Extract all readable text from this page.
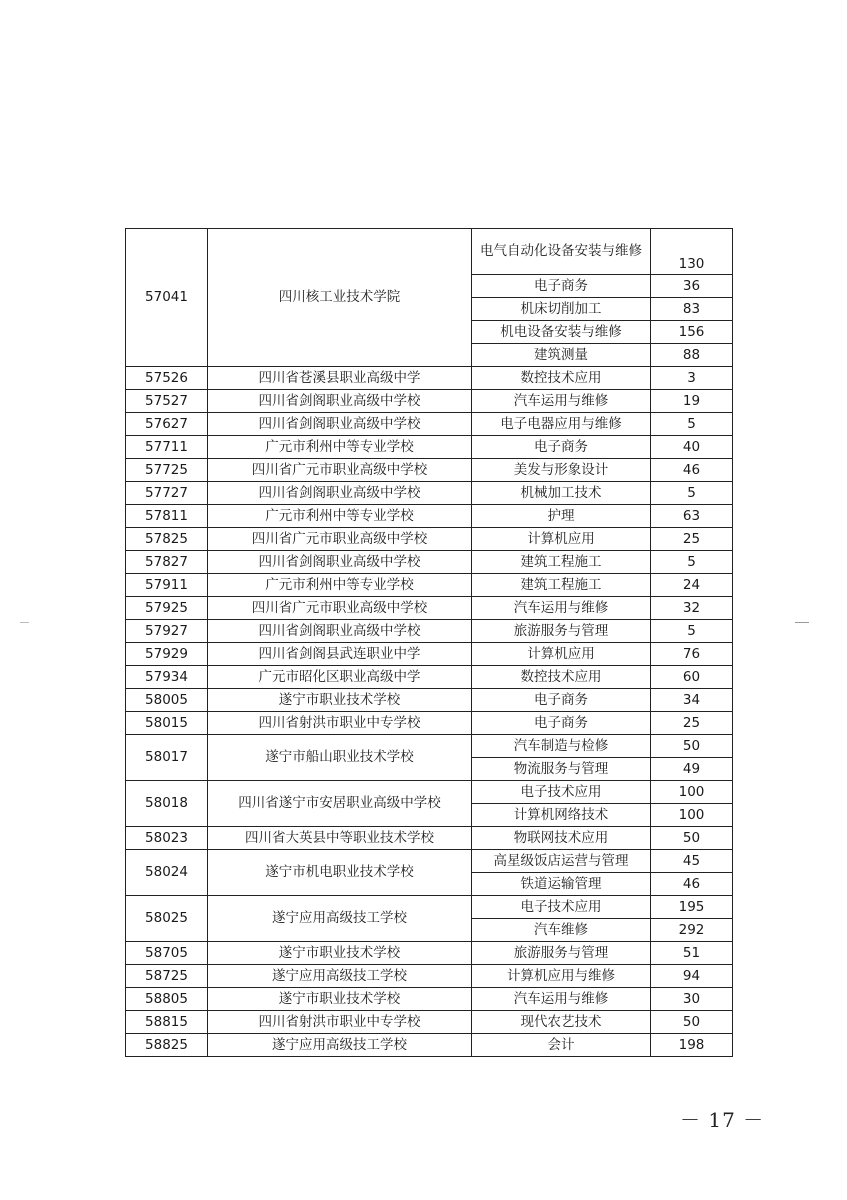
57041	四川核工业技术学院	电气自动化设备安装与维修	130
		电子商务	36
		机床切削加工	83
		机电设备安装与维修	156
		建筑测量	88
57526	四川省苍溪县职业高级中学	数控技术应用	3
57527	四川省剑阁职业高级中学校	汽车运用与维修	19
57627	四川省剑阁职业高级中学校	电子电器应用与维修	5
57711	广元市利州中等专业学校	电子商务	40
57725	四川省广元市职业高级中学校	美发与形象设计	46
57727	四川省剑阁职业高级中学校	机械加工技术	5
57811	广元市利州中等专业学校	护理	63
57825	四川省广元市职业高级中学校	计算机应用	25
57827	四川省剑阁职业高级中学校	建筑工程施工	5
57911	广元市利州中等专业学校	建筑工程施工	24
57925	四川省广元市职业高级中学校	汽车运用与维修	32
57927	四川省剑阁职业高级中学校	旅游服务与管理	5
57929	四川省剑阁县武连职业中学	计算机应用	76
57934	广元市昭化区职业高级中学	数控技术应用	60
58005	遂宁市职业技术学校	电子商务	34
58015	四川省射洪市职业中专学校	电子商务	25
58017	遂宁市船山职业技术学校	汽车制造与检修	50
		物流服务与管理	49
58018	四川省遂宁市安居职业高级中学校	电子技术应用	100
		计算机网络技术	100
58023	四川省大英县中等职业技术学校	物联网技术应用	50
58024	遂宁市机电职业技术学校	高星级饭店运营与管理	45
		铁道运输管理	46
58025	遂宁应用高级技工学校	电子技术应用	195
		汽车维修	292
58705	遂宁市职业技术学校	旅游服务与管理	51
58725	遂宁应用高级技工学校	计算机应用与维修	94
58805	遂宁市职业技术学校	汽车运用与维修	30
58815	四川省射洪市职业中专学校	现代农艺技术	50
58825	遂宁应用高级技工学校	会计	198
－ 17 －
